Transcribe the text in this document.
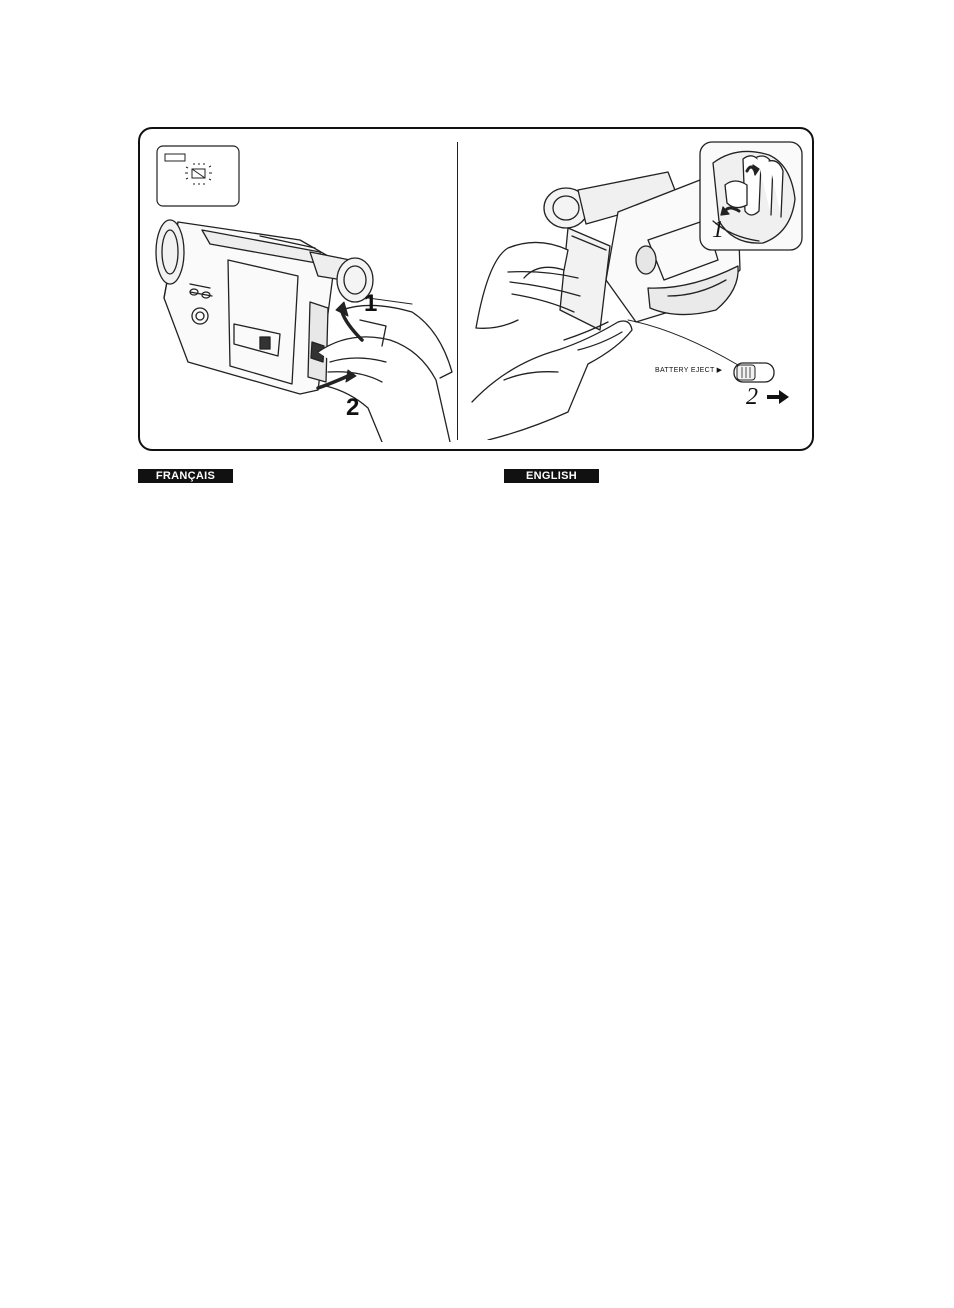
1
2
1
BATTERY EJECT ▶
2
FRANÇAIS	ENGLISH
